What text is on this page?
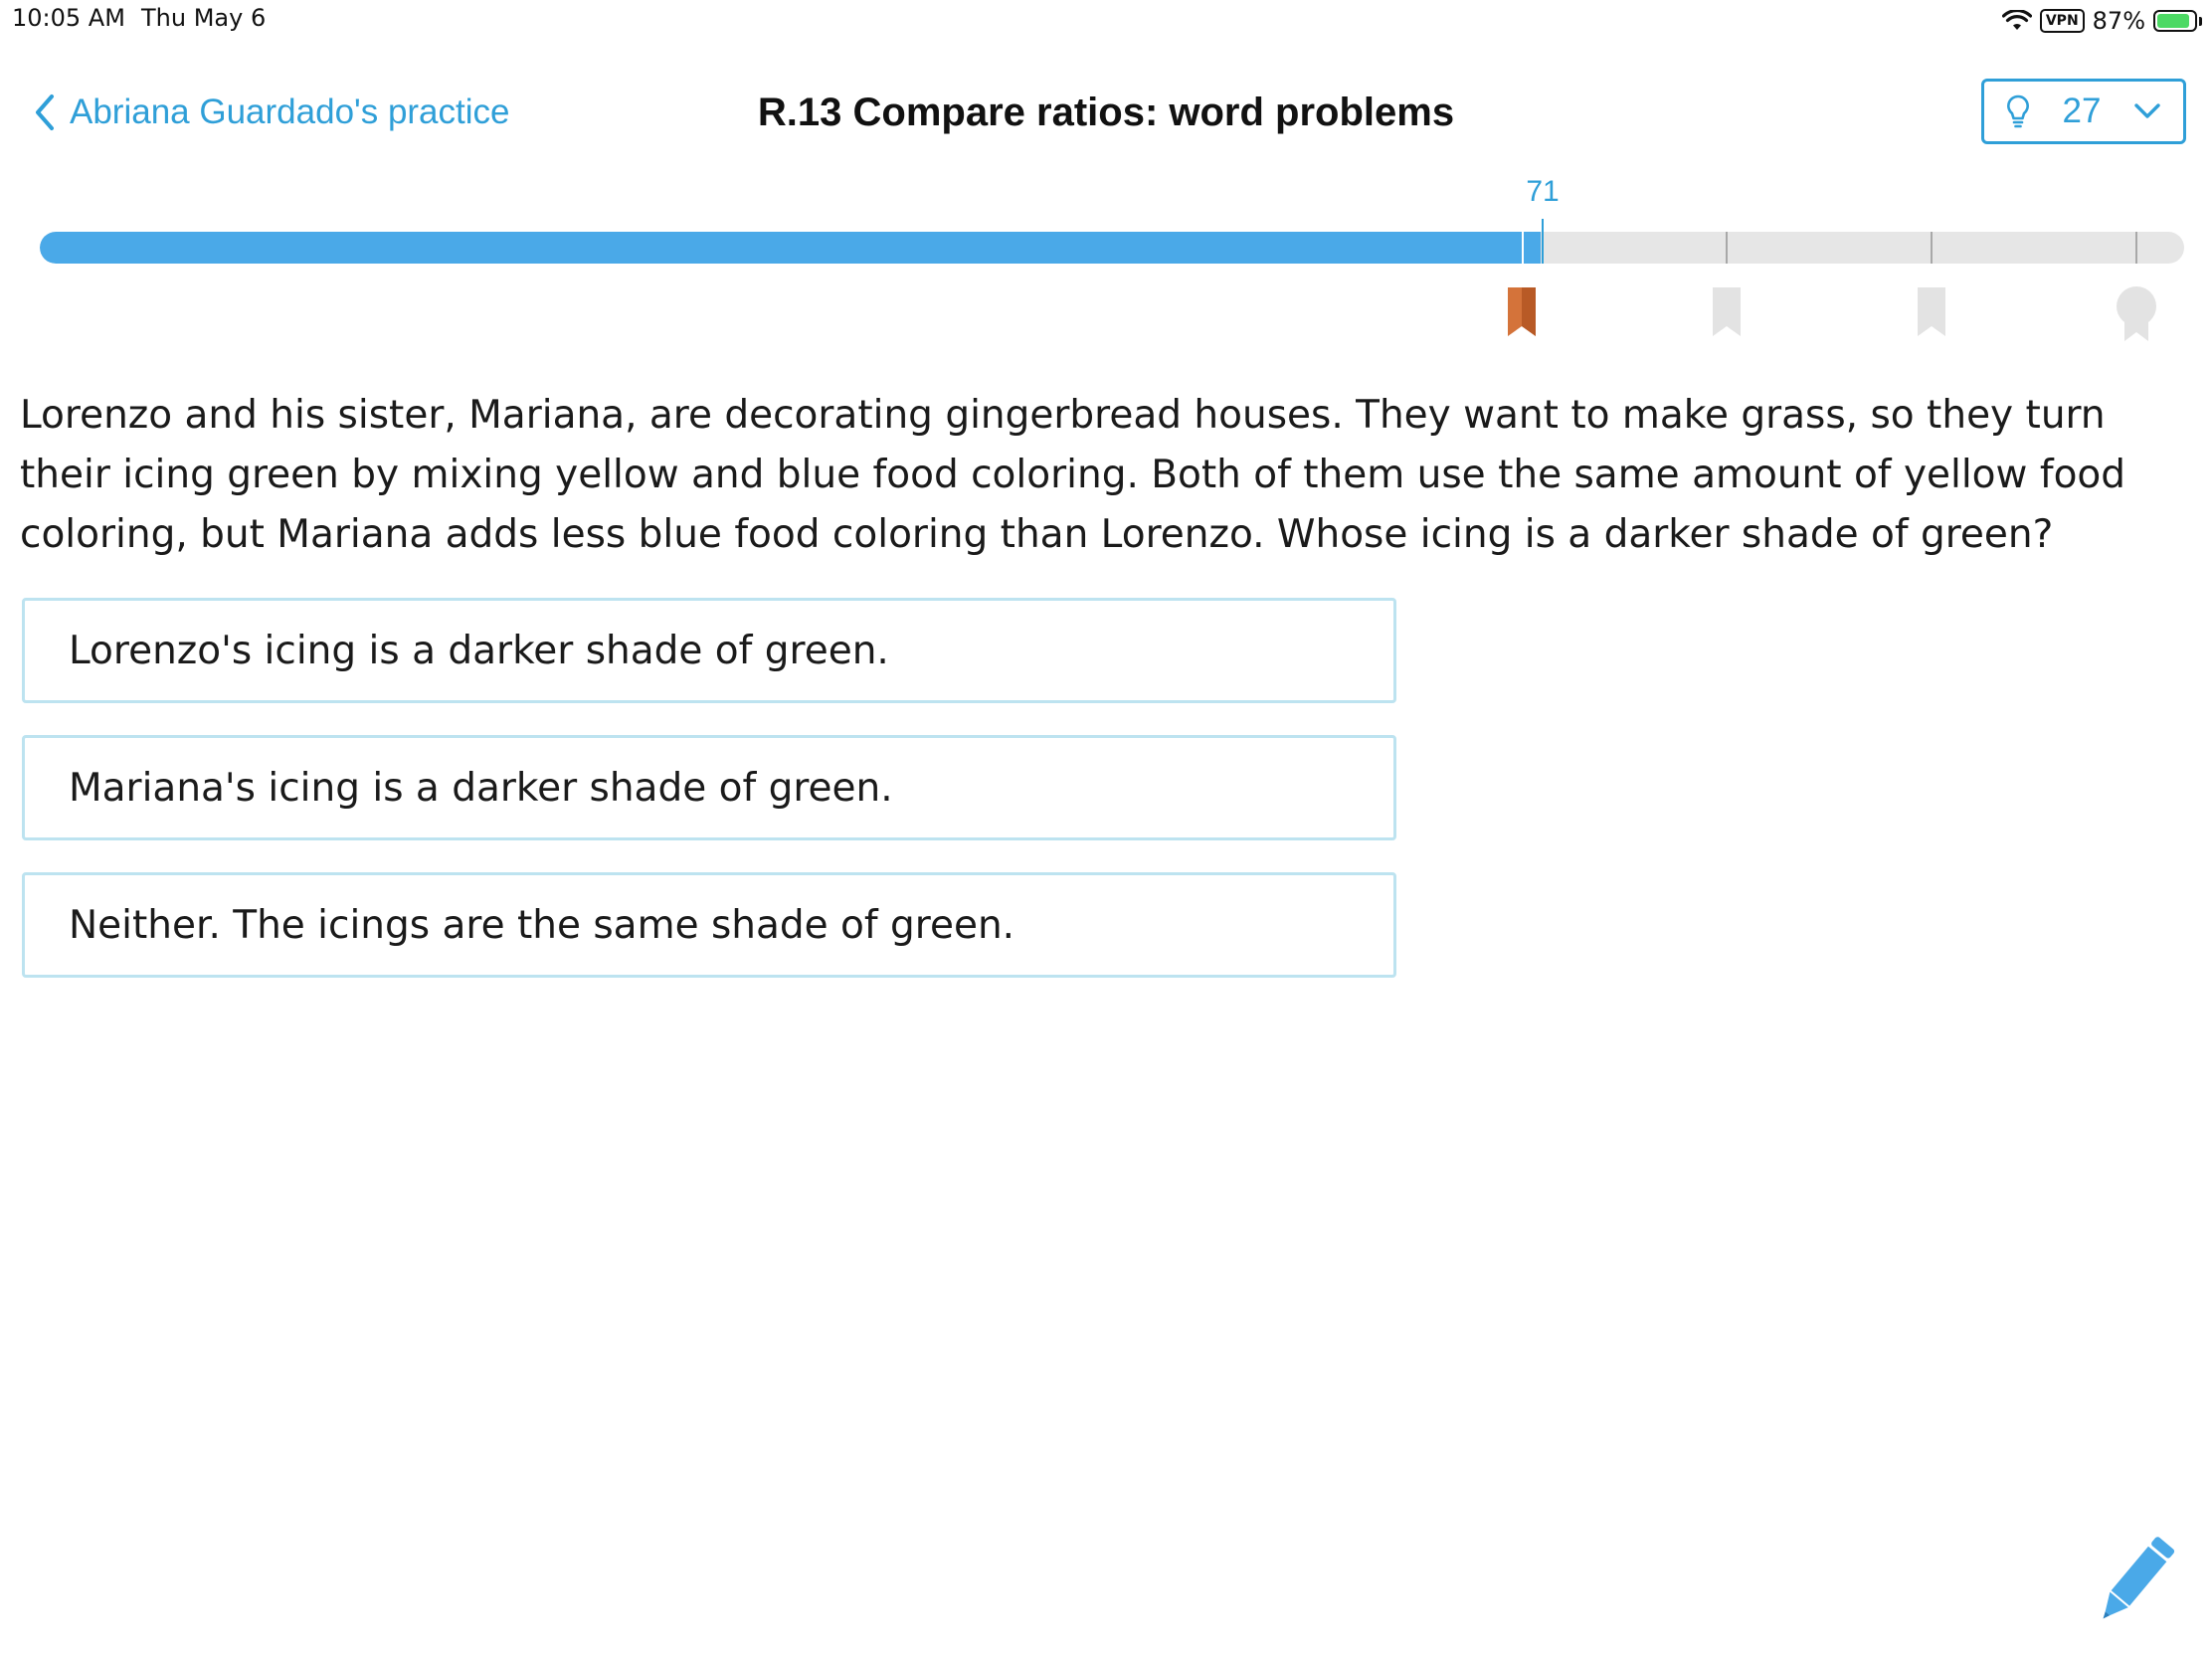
10:05 AM Thu May 6	VPN 87%
Abriana Guardado's practice	R.13 Compare ratios: word problems	27
71

Lorenzo and his sister, Mariana, are decorating gingerbread houses. They want to make grass, so they turn their icing green by mixing yellow and blue food coloring. Both of them use the same amount of yellow food coloring, but Mariana adds less blue food coloring than Lorenzo. Whose icing is a darker shade of green?

Lorenzo's icing is a darker shade of green.
Mariana's icing is a darker shade of green.
Neither. The icings are the same shade of green.
